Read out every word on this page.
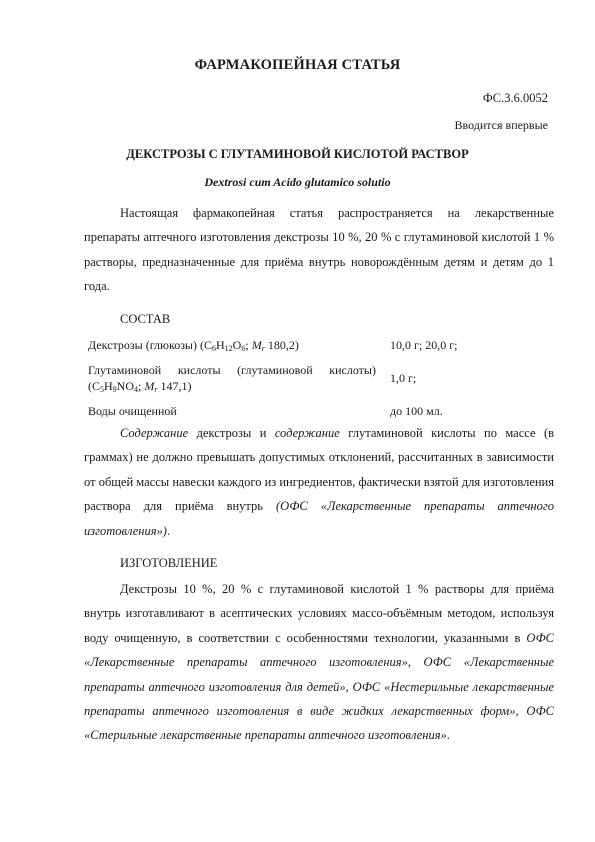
ФАРМАКОПЕЙНАЯ СТАТЬЯ
ФС.3.6.0052
Вводится впервые
ДЕКСТРОЗЫ С ГЛУТАМИНОВОЙ КИСЛОТОЙ РАСТВОР
Dextrosi cum Acido glutamico solutio

Настоящая фармакопейная статья распространяется на лекарственные препараты аптечного изготовления декстрозы 10 %, 20 % с глутаминовой кислотой 1 % растворы, предназначенные для приёма внутрь новорождённым детям и детям до 1 года.

СОСТАВ
Декстрозы (глюкозы) ($C_6H_{12}O_6$; $M_r$ 180,2)	10,0 г; 20,0 г;
Глутаминовой кислоты (глутаминовой кислоты) ($C_5H_9NO_4$; $M_r$ 147,1)	1,0 г;
Воды очищенной	до 100 мл.

Содержание декстрозы и содержание глутаминовой кислоты по массе (в граммах) не должно превышать допустимых отклонений, рассчитанных в зависимости от общей массы навески каждого из ингредиентов, фактически взятой для изготовления раствора для приёма внутрь (ОФС «Лекарственные препараты аптечного изготовления»).

ИЗГОТОВЛЕНИЕ

Декстрозы 10 %, 20 % с глутаминовой кислотой 1 % растворы для приёма внутрь изготавливают в асептических условиях массо-объёмным методом, используя воду очищенную, в соответствии с особенностями технологии, указанными в ОФС «Лекарственные препараты аптечного изготовления», ОФС «Лекарственные препараты аптечного изготовления для детей», ОФС «Нестерильные лекарственные препараты аптечного изготовления в виде жидких лекарственных форм», ОФС «Стерильные лекарственные препараты аптечного изготовления».
